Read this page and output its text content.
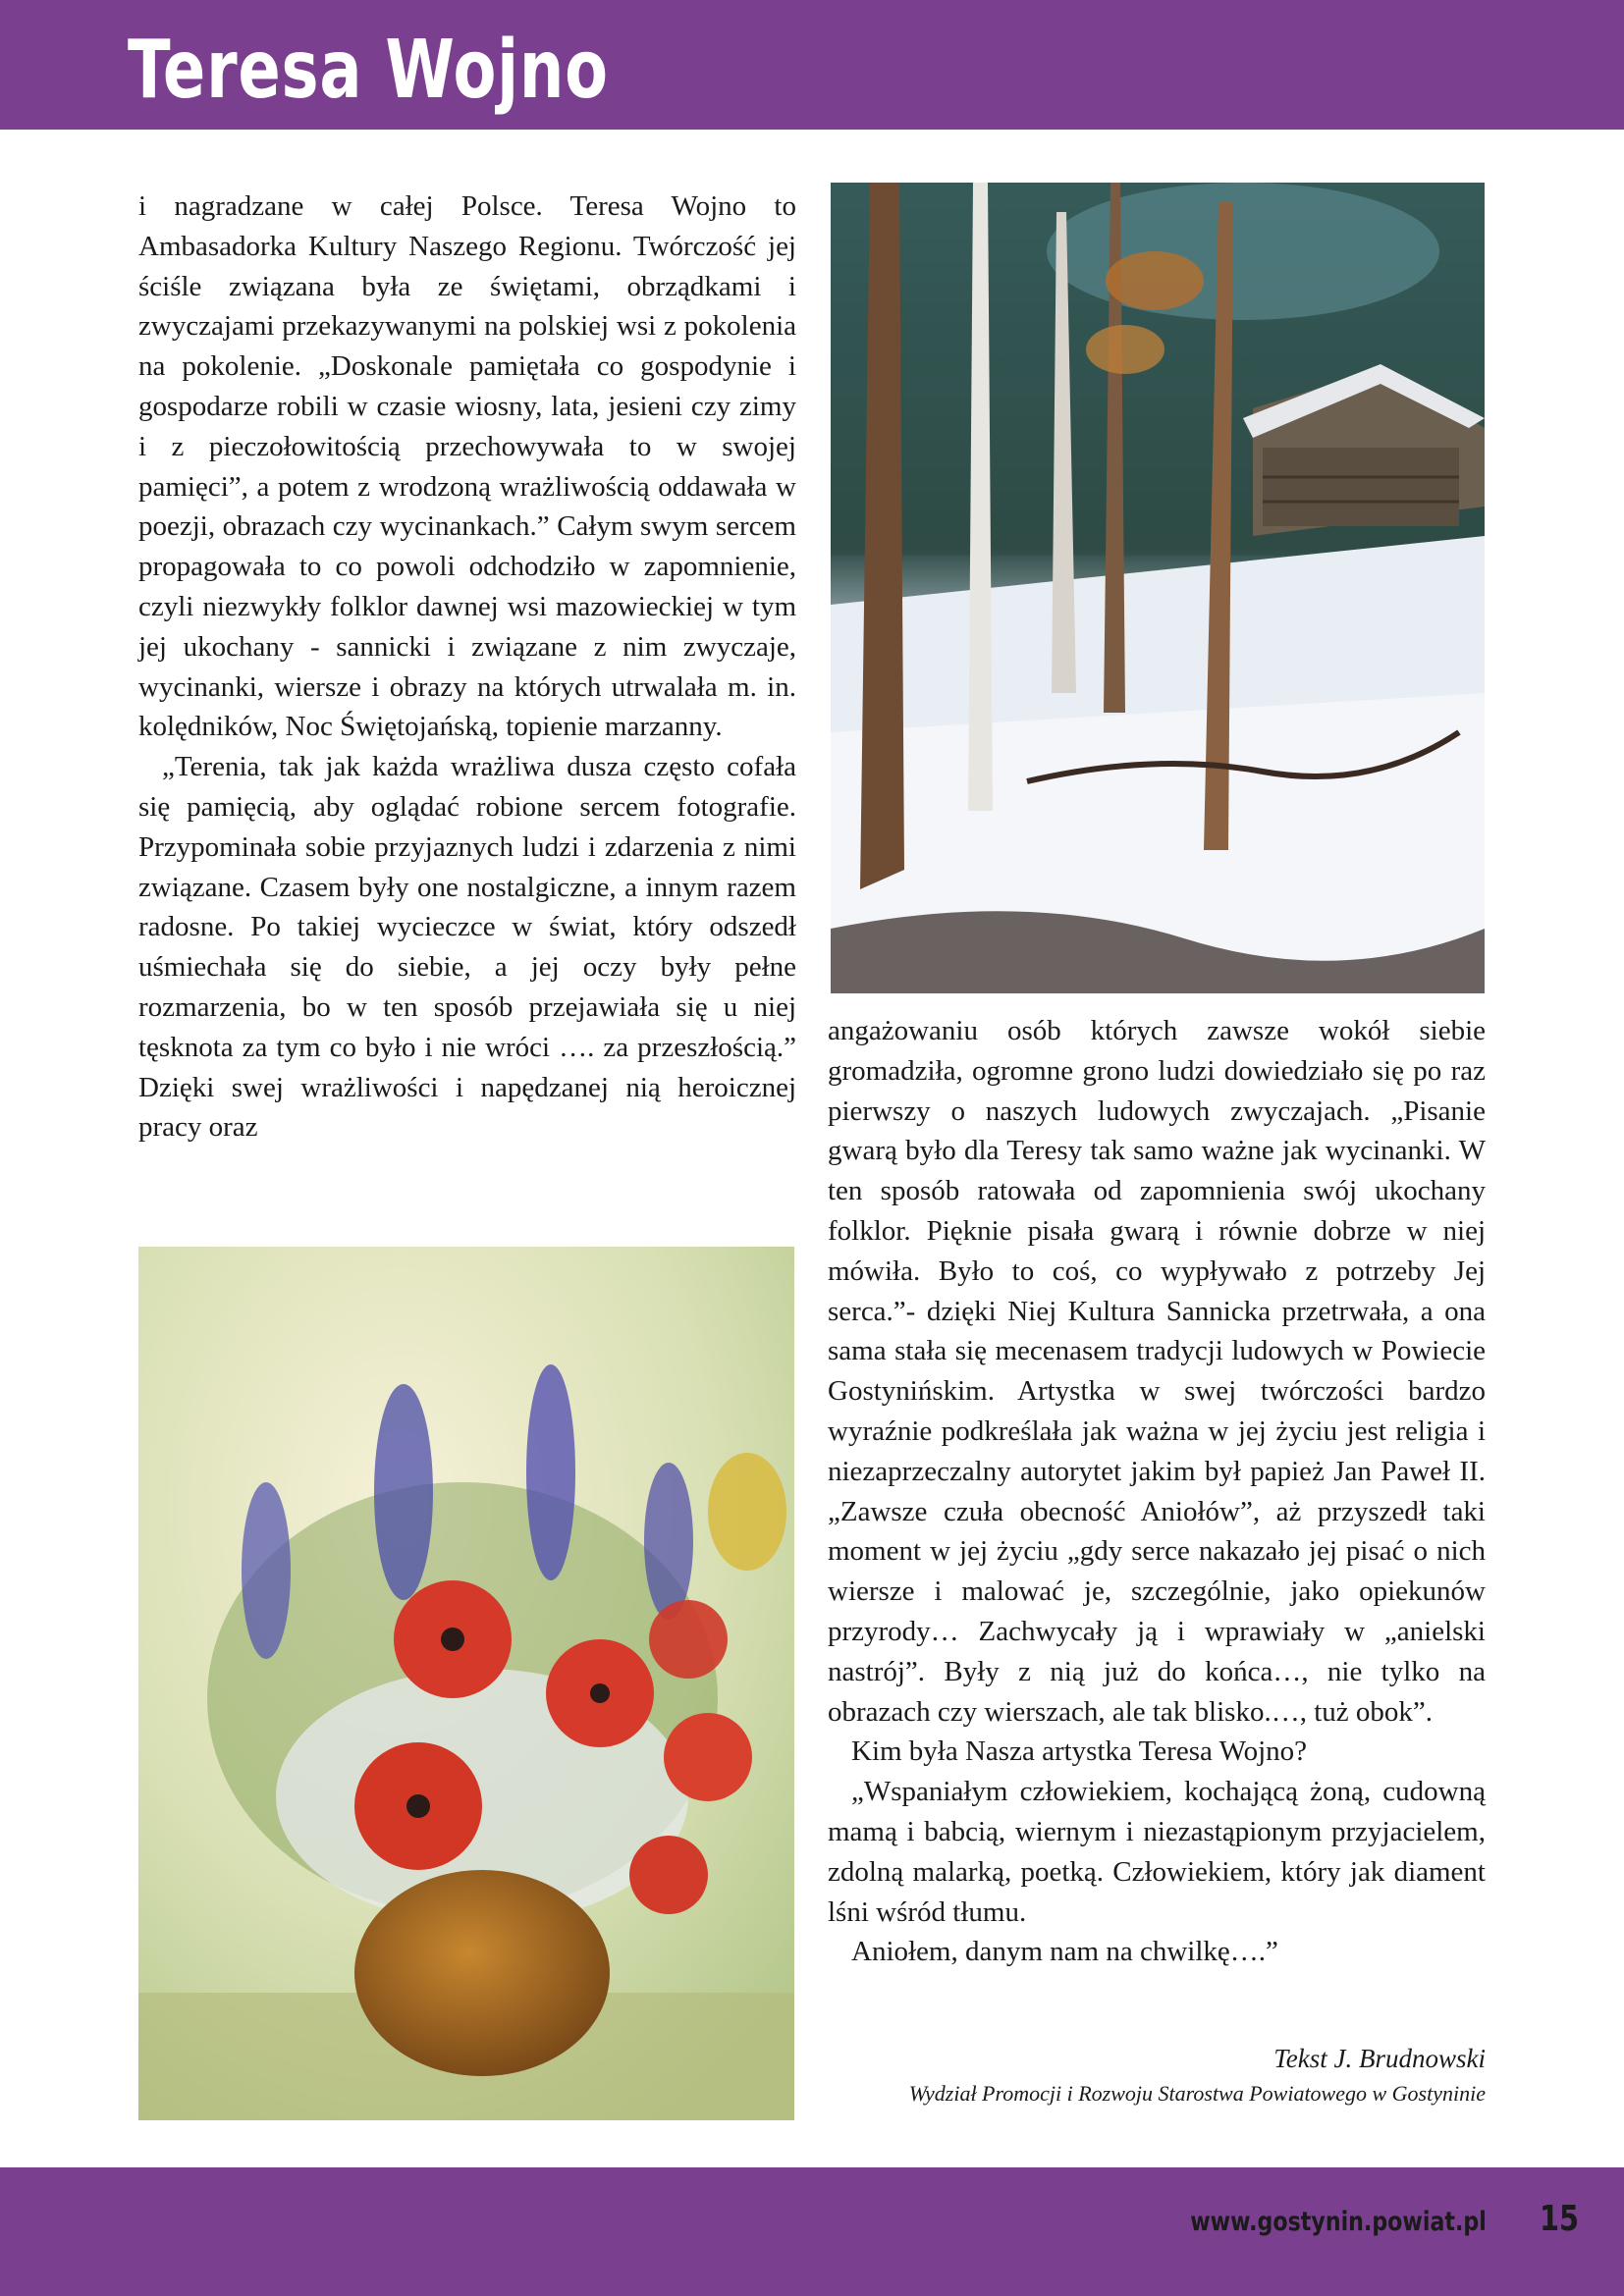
Teresa Wojno

i nagradzane w całej Polsce. Teresa Wojno to Ambasadorka Kultury Naszego Regionu. Twórczość jej ściśle związana była ze świętami, obrządkami i zwyczajami przekazywanymi na polskiej wsi z pokolenia na pokolenie. „Doskonale pamiętała co gospodynie i gospodarze robili w czasie wiosny, lata, jesieni czy zimy i z pieczołowitością przechowywała to w swojej pamięci”, a potem z wrodzoną wrażliwością oddawała w poezji, obrazach czy wycinankach.” Całym swym sercem propagowała to co powoli odchodziło w zapomnienie, czyli niezwykły folklor dawnej wsi mazowieckiej w tym jej ukochany - sannicki i związane z nim zwyczaje, wycinanki, wiersze i obrazy na których utrwalała m. in. kolędników, Noc Świętojańską, topienie marzanny.

„Terenia, tak jak każda wrażliwa dusza często cofała się pamięcią, aby oglądać robione sercem fotografie. Przypominała sobie przyjaznych ludzi i zdarzenia z nimi związane. Czasem były one nostalgiczne, a innym razem radosne. Po takiej wycieczce w świat, który odszedł uśmiechała się do siebie, a jej oczy były pełne rozmarzenia, bo w ten sposób przejawiała się u niej tęsknota za tym co było i nie wróci …. za przeszłością.” Dzięki swej wrażliwości i napędzanej nią heroicznej pracy oraz

angażowaniu osób których zawsze wokół siebie gromadziła, ogromne grono ludzi dowiedziało się po raz pierwszy o naszych ludowych zwyczajach. „Pisanie gwarą było dla Teresy tak samo ważne jak wycinanki. W ten sposób ratowała od zapomnienia swój ukochany folklor. Pięknie pisała gwarą i równie dobrze w niej mówiła. Było to coś, co wypływało z potrzeby Jej serca.”- dzięki Niej Kultura Sannicka przetrwała, a ona sama stała się mecenasem tradycji ludowych w Powiecie Gostynińskim. Artystka w swej twórczości bardzo wyraźnie podkreślała jak ważna w jej życiu jest religia i niezaprzeczalny autorytet jakim był papież Jan Paweł II. „Zawsze czuła obecność Aniołów”, aż przyszedł taki moment w jej życiu „gdy serce nakazało jej pisać o nich wiersze i malować je, szczególnie, jako opiekunów przyrody… Zachwycały ją i wprawiały w „anielski nastrój”. Były z nią już do końca…, nie tylko na obrazach czy wierszach, ale tak blisko.…, tuż obok”.

Kim była Nasza artystka Teresa Wojno?

„Wspaniałym człowiekiem, kochającą żoną, cudowną mamą i babcią, wiernym i niezastąpionym przyjacielem, zdolną malarką, poetką. Człowiekiem, który jak diament lśni wśród tłumu.

Aniołem, danym nam na chwilkę….”

Tekst J. Brudnowski
Wydział Promocji i Rozwoju Starostwa Powiatowego w Gostyninie
www.gostynin.powiat.pl 15
